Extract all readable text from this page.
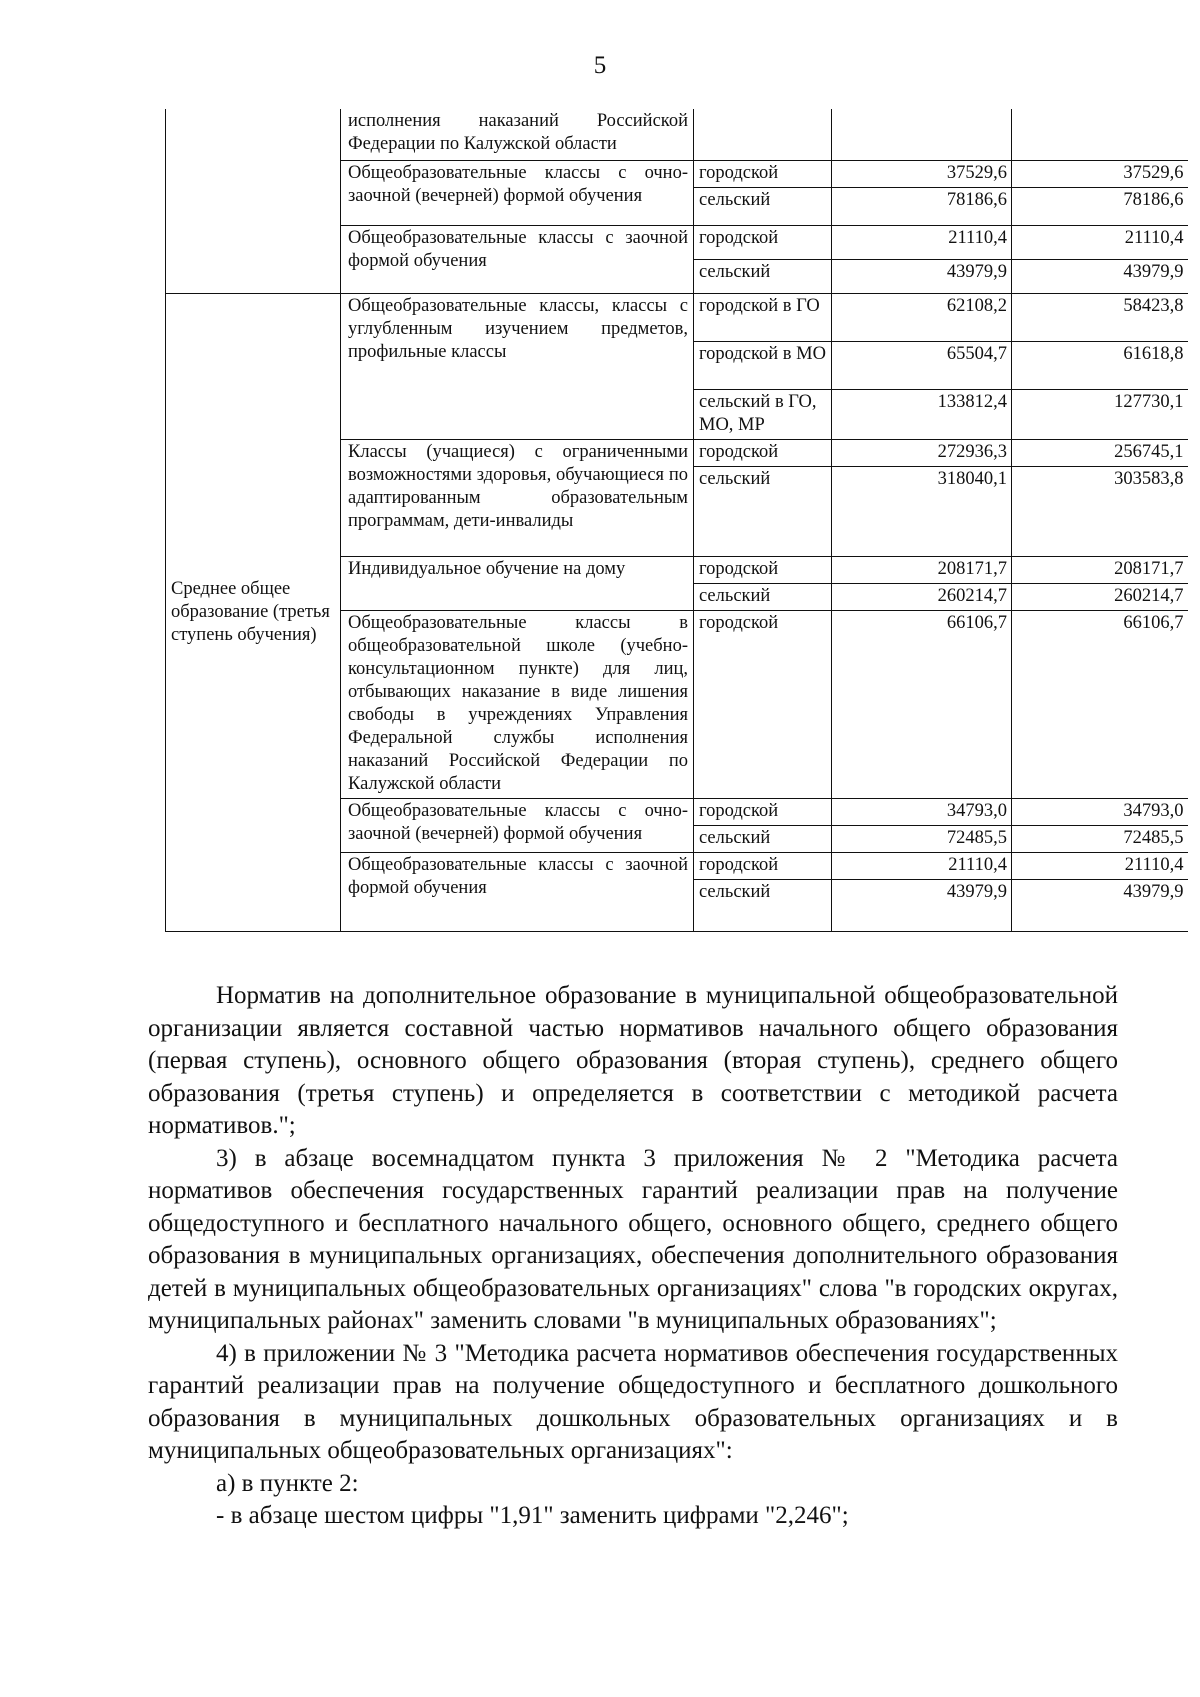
5
	исполнения наказаний Российской Федерации по Калужской области			
	Общеобразовательные классы с очно-заочной (вечерней) формой обучения	городской	37529,6	37529,6
		сельский	78186,6	78186,6
	Общеобразовательные классы с заочной формой обучения	городской	21110,4	21110,4
		сельский	43979,9	43979,9
Среднее общее образование (третья ступень обучения)	Общеобразовательные классы, классы с углубленным изучением предметов, профильные классы	городской в ГО	62108,2	58423,8
		городской в МО	65504,7	61618,8
		сельский в ГО, МО, МР	133812,4	127730,1
	Классы (учащиеся) с ограниченными возможностями здоровья, обучающиеся по адаптированным образовательным программам, дети-инвалиды	городской	272936,3	256745,1
		сельский	318040,1	303583,8
	Индивидуальное обучение на дому	городской	208171,7	208171,7
		сельский	260214,7	260214,7
	Общеобразовательные классы в общеобразовательной школе (учебно-консультационном пункте) для лиц, отбывающих наказание в виде лишения свободы в учреждениях Управления Федеральной службы исполнения наказаний Российской Федерации по Калужской области	городской	66106,7	66106,7
	Общеобразовательные классы с очно-заочной (вечерней) формой обучения	городской	34793,0	34793,0
		сельский	72485,5	72485,5
	Общеобразовательные классы с заочной формой обучения	городской	21110,4	21110,4
		сельский	43979,9	43979,9

Норматив на дополнительное образование в муниципальной общеобразовательной организации является составной частью нормативов начального общего образования (первая ступень), основного общего образования (вторая ступень), среднего общего образования (третья ступень) и определяется в соответствии с методикой расчета нормативов.";

3) в абзаце восемнадцатом пункта 3 приложения № 2 "Методика расчета нормативов обеспечения государственных гарантий реализации прав на получение общедоступного и бесплатного начального общего, основного общего, среднего общего образования в муниципальных организациях, обеспечения дополнительного образования детей в муниципальных общеобразовательных организациях" слова "в городских округах, муниципальных районах" заменить словами "в муниципальных образованиях";

4) в приложении № 3 "Методика расчета нормативов обеспечения государственных гарантий реализации прав на получение общедоступного и бесплатного дошкольного образования в муниципальных дошкольных образовательных организациях и в муниципальных общеобразовательных организациях":

а) в пункте 2:

- в абзаце шестом цифры "1,91" заменить цифрами "2,246";
